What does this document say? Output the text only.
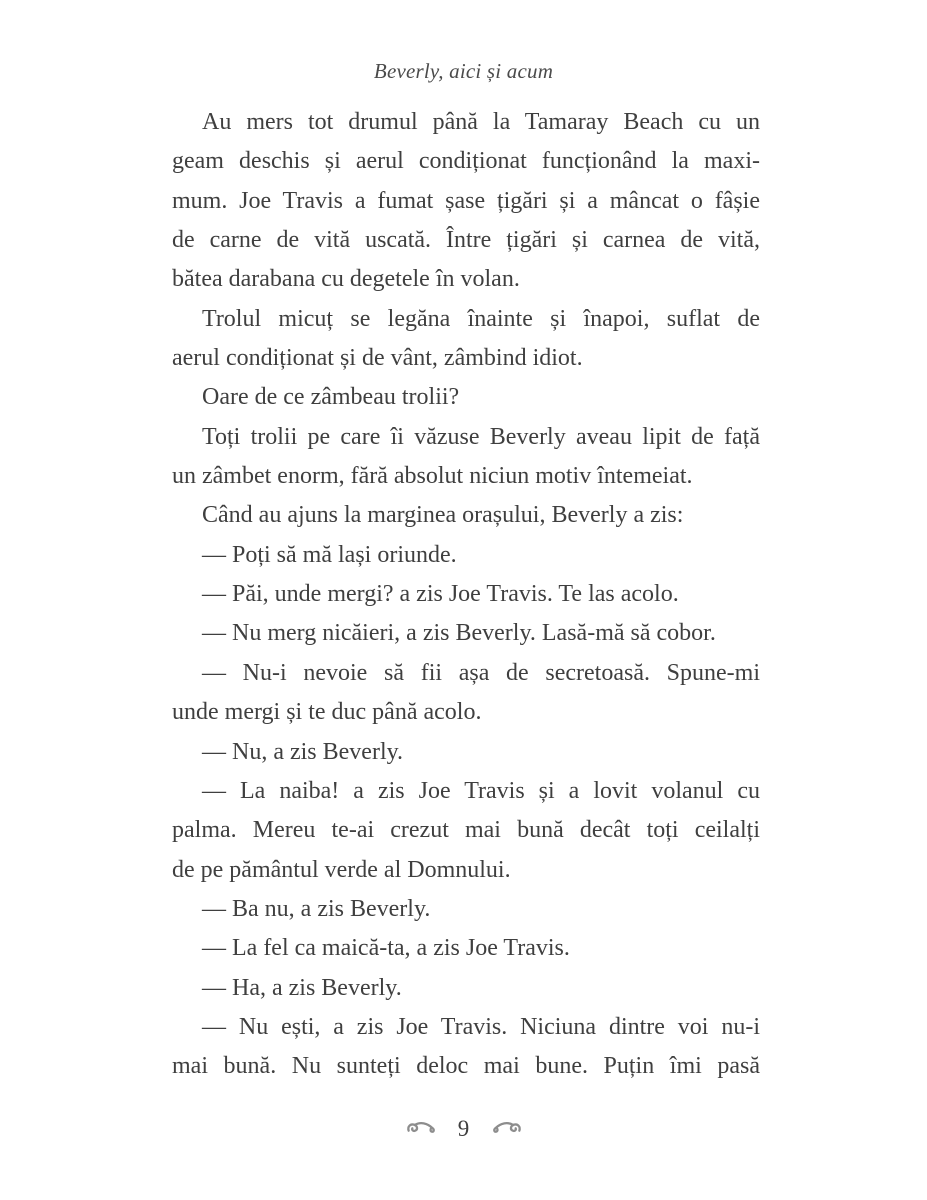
Beverly, aici și acum
Au mers tot drumul până la Tamaray Beach cu un
geam deschis și aerul condiționat funcționând la maxi-
mum. Joe Travis a fumat șase țigări și a mâncat o fâșie
de carne de vită uscată. Între țigări și carnea de vită,
bătea darabana cu degetele în volan.
Trolul micuț se legăna înainte și înapoi, suflat de
aerul condiționat și de vânt, zâmbind idiot.
Oare de ce zâmbeau trolii?
Toți trolii pe care îi văzuse Beverly aveau lipit de față
un zâmbet enorm, fără absolut niciun motiv întemeiat.
Când au ajuns la marginea orașului, Beverly a zis:
— Poți să mă lași oriunde.
— Păi, unde mergi? a zis Joe Travis. Te las acolo.
— Nu merg nicăieri, a zis Beverly. Lasă-mă să cobor.
— Nu-i nevoie să fii așa de secretoasă. Spune-mi
unde mergi și te duc până acolo.
— Nu, a zis Beverly.
— La naiba! a zis Joe Travis și a lovit volanul cu
palma. Mereu te-ai crezut mai bună decât toți ceilalți
de pe pământul verde al Domnului.
— Ba nu, a zis Beverly.
— La fel ca maică-ta, a zis Joe Travis.
— Ha, a zis Beverly.
— Nu ești, a zis Joe Travis. Niciuna dintre voi nu-i
mai bună. Nu sunteți deloc mai bune. Puțin îmi pasă
9
